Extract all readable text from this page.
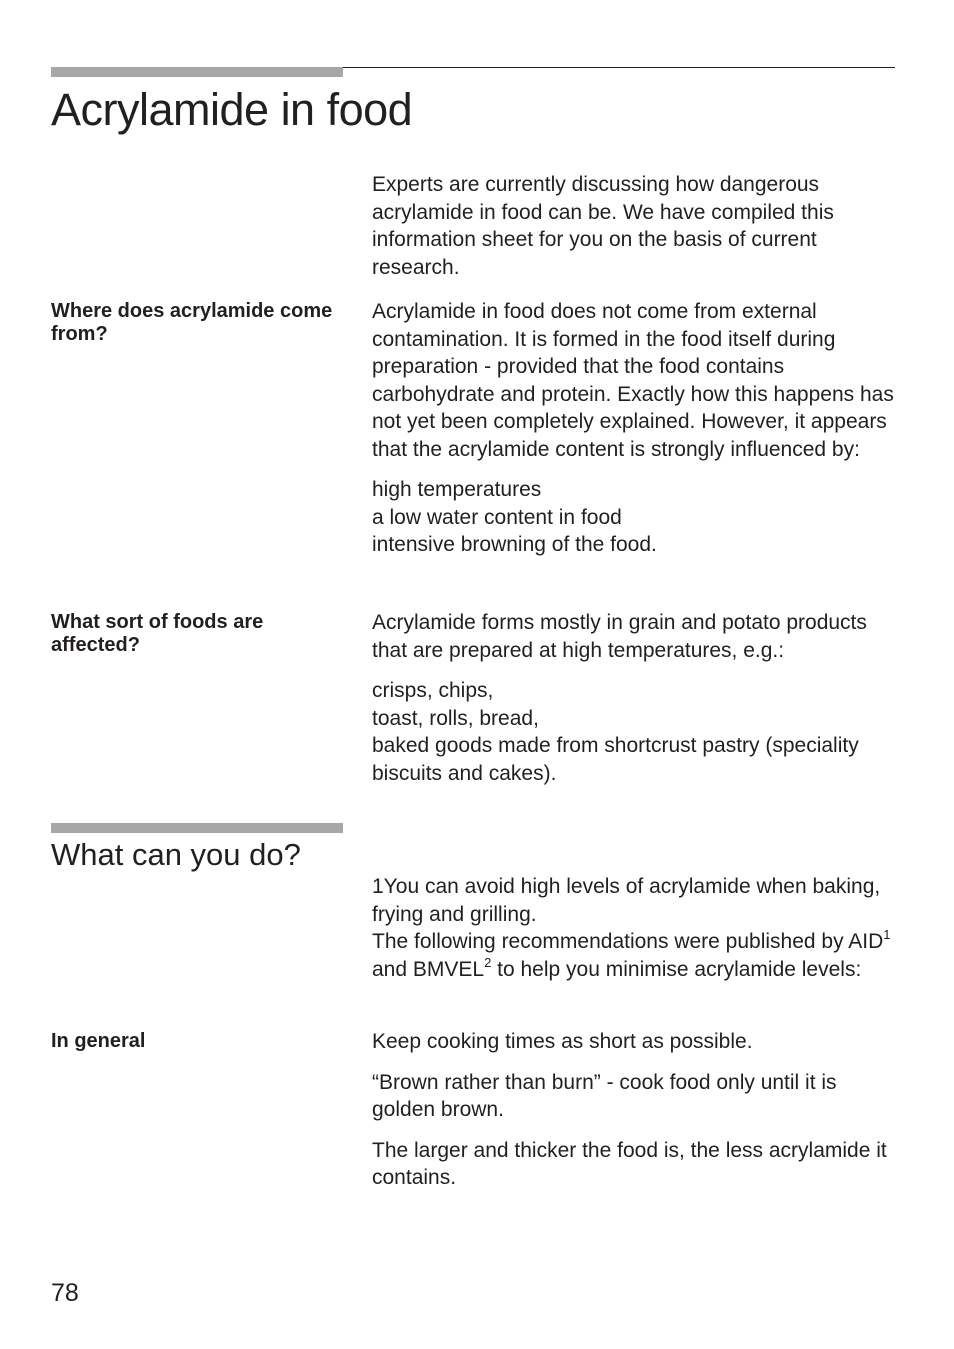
Acrylamide in food

Experts are currently discussing how dangerous acrylamide in food can be. We have compiled this information sheet for you on the basis of current research.

Where does acrylamide come from?

Acrylamide in food does not come from external contamination. It is formed in the food itself during preparation - provided that the food contains carbohydrate and protein. Exactly how this happens has not yet been completely explained. However, it appears that the acrylamide content is strongly influenced by:

high temperatures

a low water content in food

intensive browning of the food.

What sort of foods are affected?

Acrylamide forms mostly in grain and potato products that are prepared at high temperatures, e.g.:

crisps, chips,

toast, rolls, bread,

baked goods made from shortcrust pastry (speciality biscuits and cakes).

What can you do?

1You can avoid high levels of acrylamide when baking, frying and grilling.

The following recommendations were published by AID$^1$ and BMVEL$^2$ to help you minimise acrylamide levels:

In general	Keep cooking times as short as possible.

“Brown rather than burn” - cook food only until it is golden brown.

The larger and thicker the food is, the less acrylamide it contains.

78
